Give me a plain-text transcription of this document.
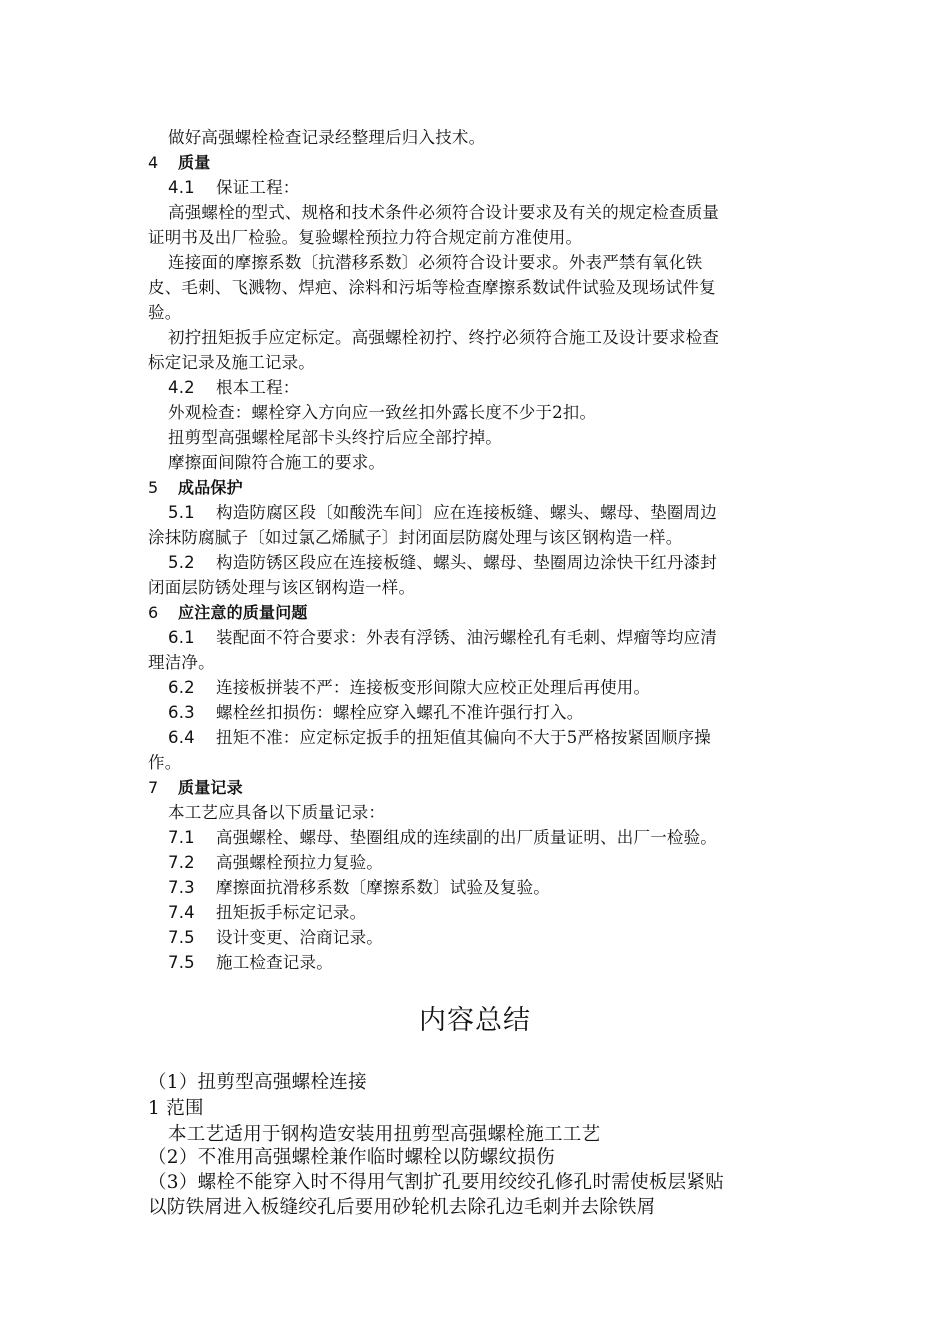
做好高强螺栓检查记录经整理后归入技术。
4 质量
4.1 保证工程：
高强螺栓的型式、规格和技术条件必须符合设计要求及有关的规定检查质量
证明书及出厂检验。复验螺栓预拉力符合规定前方准使用。
连接面的摩擦系数〔抗潜移系数〕必须符合设计要求。外表严禁有氧化铁
皮、毛刺、飞溅物、焊疤、涂料和污垢等检查摩擦系数试件试验及现场试件复
验。
初拧扭矩扳手应定标定。高强螺栓初拧、终拧必须符合施工及设计要求检查
标定记录及施工记录。
4.2 根本工程：
外观检查：螺栓穿入方向应一致丝扣外露长度不少于2扣。
扭剪型高强螺栓尾部卡头终拧后应全部拧掉。
摩擦面间隙符合施工的要求。
5 成品保护
5.1 构造防腐区段〔如酸洗车间〕应在连接板缝、螺头、螺母、垫圈周边
涂抹防腐腻子〔如过氯乙烯腻子〕封闭面层防腐处理与该区钢构造一样。
5.2 构造防锈区段应在连接板缝、螺头、螺母、垫圈周边涂快干红丹漆封
闭面层防锈处理与该区钢构造一样。
6 应注意的质量问题
6.1 装配面不符合要求：外表有浮锈、油污螺栓孔有毛刺、焊瘤等均应清
理洁净。
6.2 连接板拼装不严：连接板变形间隙大应校正处理后再使用。
6.3 螺栓丝扣损伤：螺栓应穿入螺孔不准许强行打入。
6.4 扭矩不准：应定标定扳手的扭矩值其偏向不大于5严格按紧固顺序操
作。
7 质量记录
本工艺应具备以下质量记录：
7.1 高强螺栓、螺母、垫圈组成的连续副的出厂质量证明、出厂一检验。
7.2 高强螺栓预拉力复验。
7.3 摩擦面抗滑移系数〔摩擦系数〕试验及复验。
7.4 扭矩扳手标定记录。
7.5 设计变更、洽商记录。
7.5 施工检查记录。
内容总结
（1）扭剪型高强螺栓连接
1 范围
本工艺适用于钢构造安装用扭剪型高强螺栓施工工艺
（2）不准用高强螺栓兼作临时螺栓以防螺纹损伤
（3）螺栓不能穿入时不得用气割扩孔要用绞绞孔修孔时需使板层紧贴
以防铁屑进入板缝绞孔后要用砂轮机去除孔边毛刺并去除铁屑
